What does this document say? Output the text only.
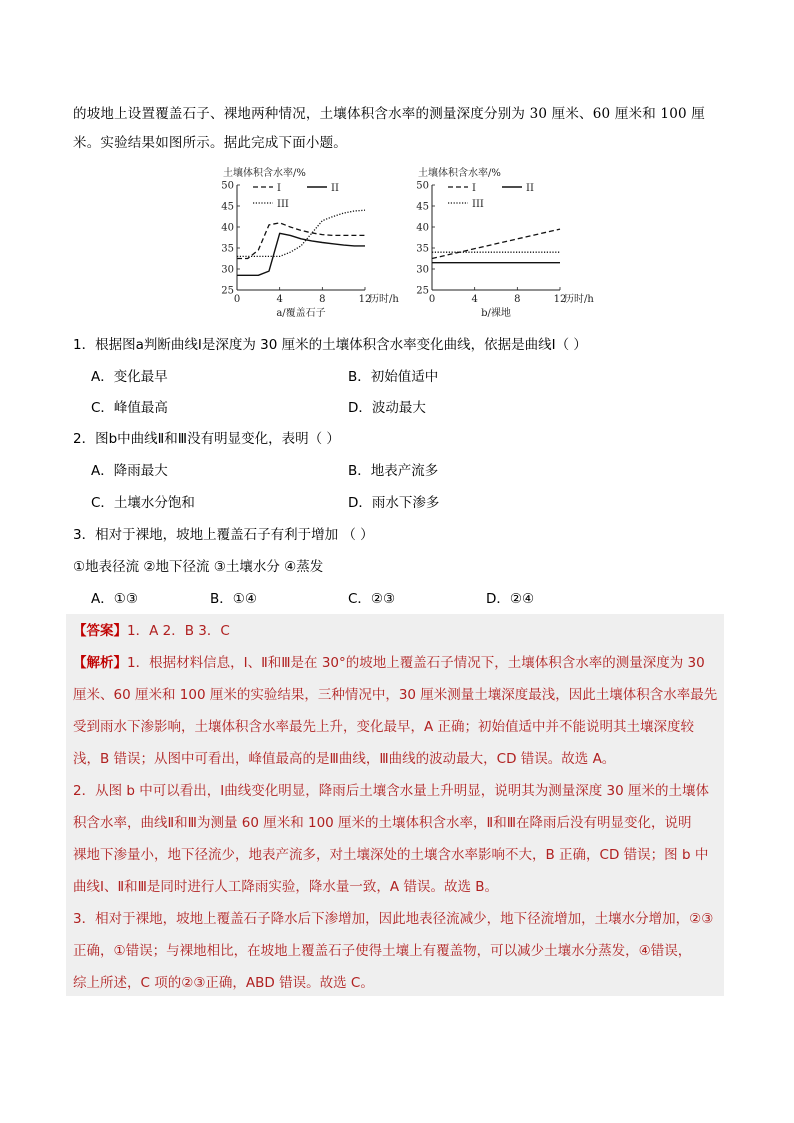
的坡地上设置覆盖石子、裸地两种情况，土壤体积含水率的测量深度分别为 30 厘米、60 厘米和 100 厘
米。实验结果如图所示。据此完成下面小题。
土壤体积含水率/%
50
45
40
35
30
25
0	4	8	12
历时/h
a/覆盖石子
I	II
III
土壤体积含水率/%
50
45
40
35
30
25
0	4	8	12
历时/h
b/裸地
I	II
III
1．根据图a判断曲线Ⅰ是深度为 30 厘米的土壤体积含水率变化曲线，依据是曲线Ⅰ（ ）
A．变化最早	B．初始值适中
C．峰值最高	D．波动最大
2．图b中曲线Ⅱ和Ⅲ没有明显变化，表明（ ）
A．降雨最大	B．地表产流多
C．土壤水分饱和	D．雨水下渗多
3．相对于裸地，坡地上覆盖石子有利于增加 （ ）
①地表径流 ②地下径流 ③土壤水分 ④蒸发
A．①③	B．①④	C．②③	D．②④
【答案】1．A 2．B 3．C
【解析】1．根据材料信息，Ⅰ、Ⅱ和Ⅲ是在 30°的坡地上覆盖石子情况下，土壤体积含水率的测量深度为 30
厘米、60 厘米和 100 厘米的实验结果，三种情况中，30 厘米测量土壤深度最浅，因此土壤体积含水率最先
受到雨水下渗影响，土壤体积含水率最先上升，变化最早，A 正确；初始值适中并不能说明其土壤深度较
浅，B 错误；从图中可看出，峰值最高的是Ⅲ曲线，Ⅲ曲线的波动最大，CD 错误。故选 A。
2．从图 b 中可以看出，Ⅰ曲线变化明显，降雨后土壤含水量上升明显，说明其为测量深度 30 厘米的土壤体
积含水率，曲线Ⅱ和Ⅲ为测量 60 厘米和 100 厘米的土壤体积含水率，Ⅱ和Ⅲ在降雨后没有明显变化，说明
裸地下渗量小，地下径流少，地表产流多，对土壤深处的土壤含水率影响不大，B 正确，CD 错误；图 b 中
曲线Ⅰ、Ⅱ和Ⅲ是同时进行人工降雨实验，降水量一致，A 错误。故选 B。
3．相对于裸地，坡地上覆盖石子降水后下渗增加，因此地表径流减少，地下径流增加，土壤水分增加，②③
正确，①错误；与裸地相比，在坡地上覆盖石子使得土壤上有覆盖物，可以减少土壤水分蒸发，④错误，
综上所述，C 项的②③正确，ABD 错误。故选 C。
